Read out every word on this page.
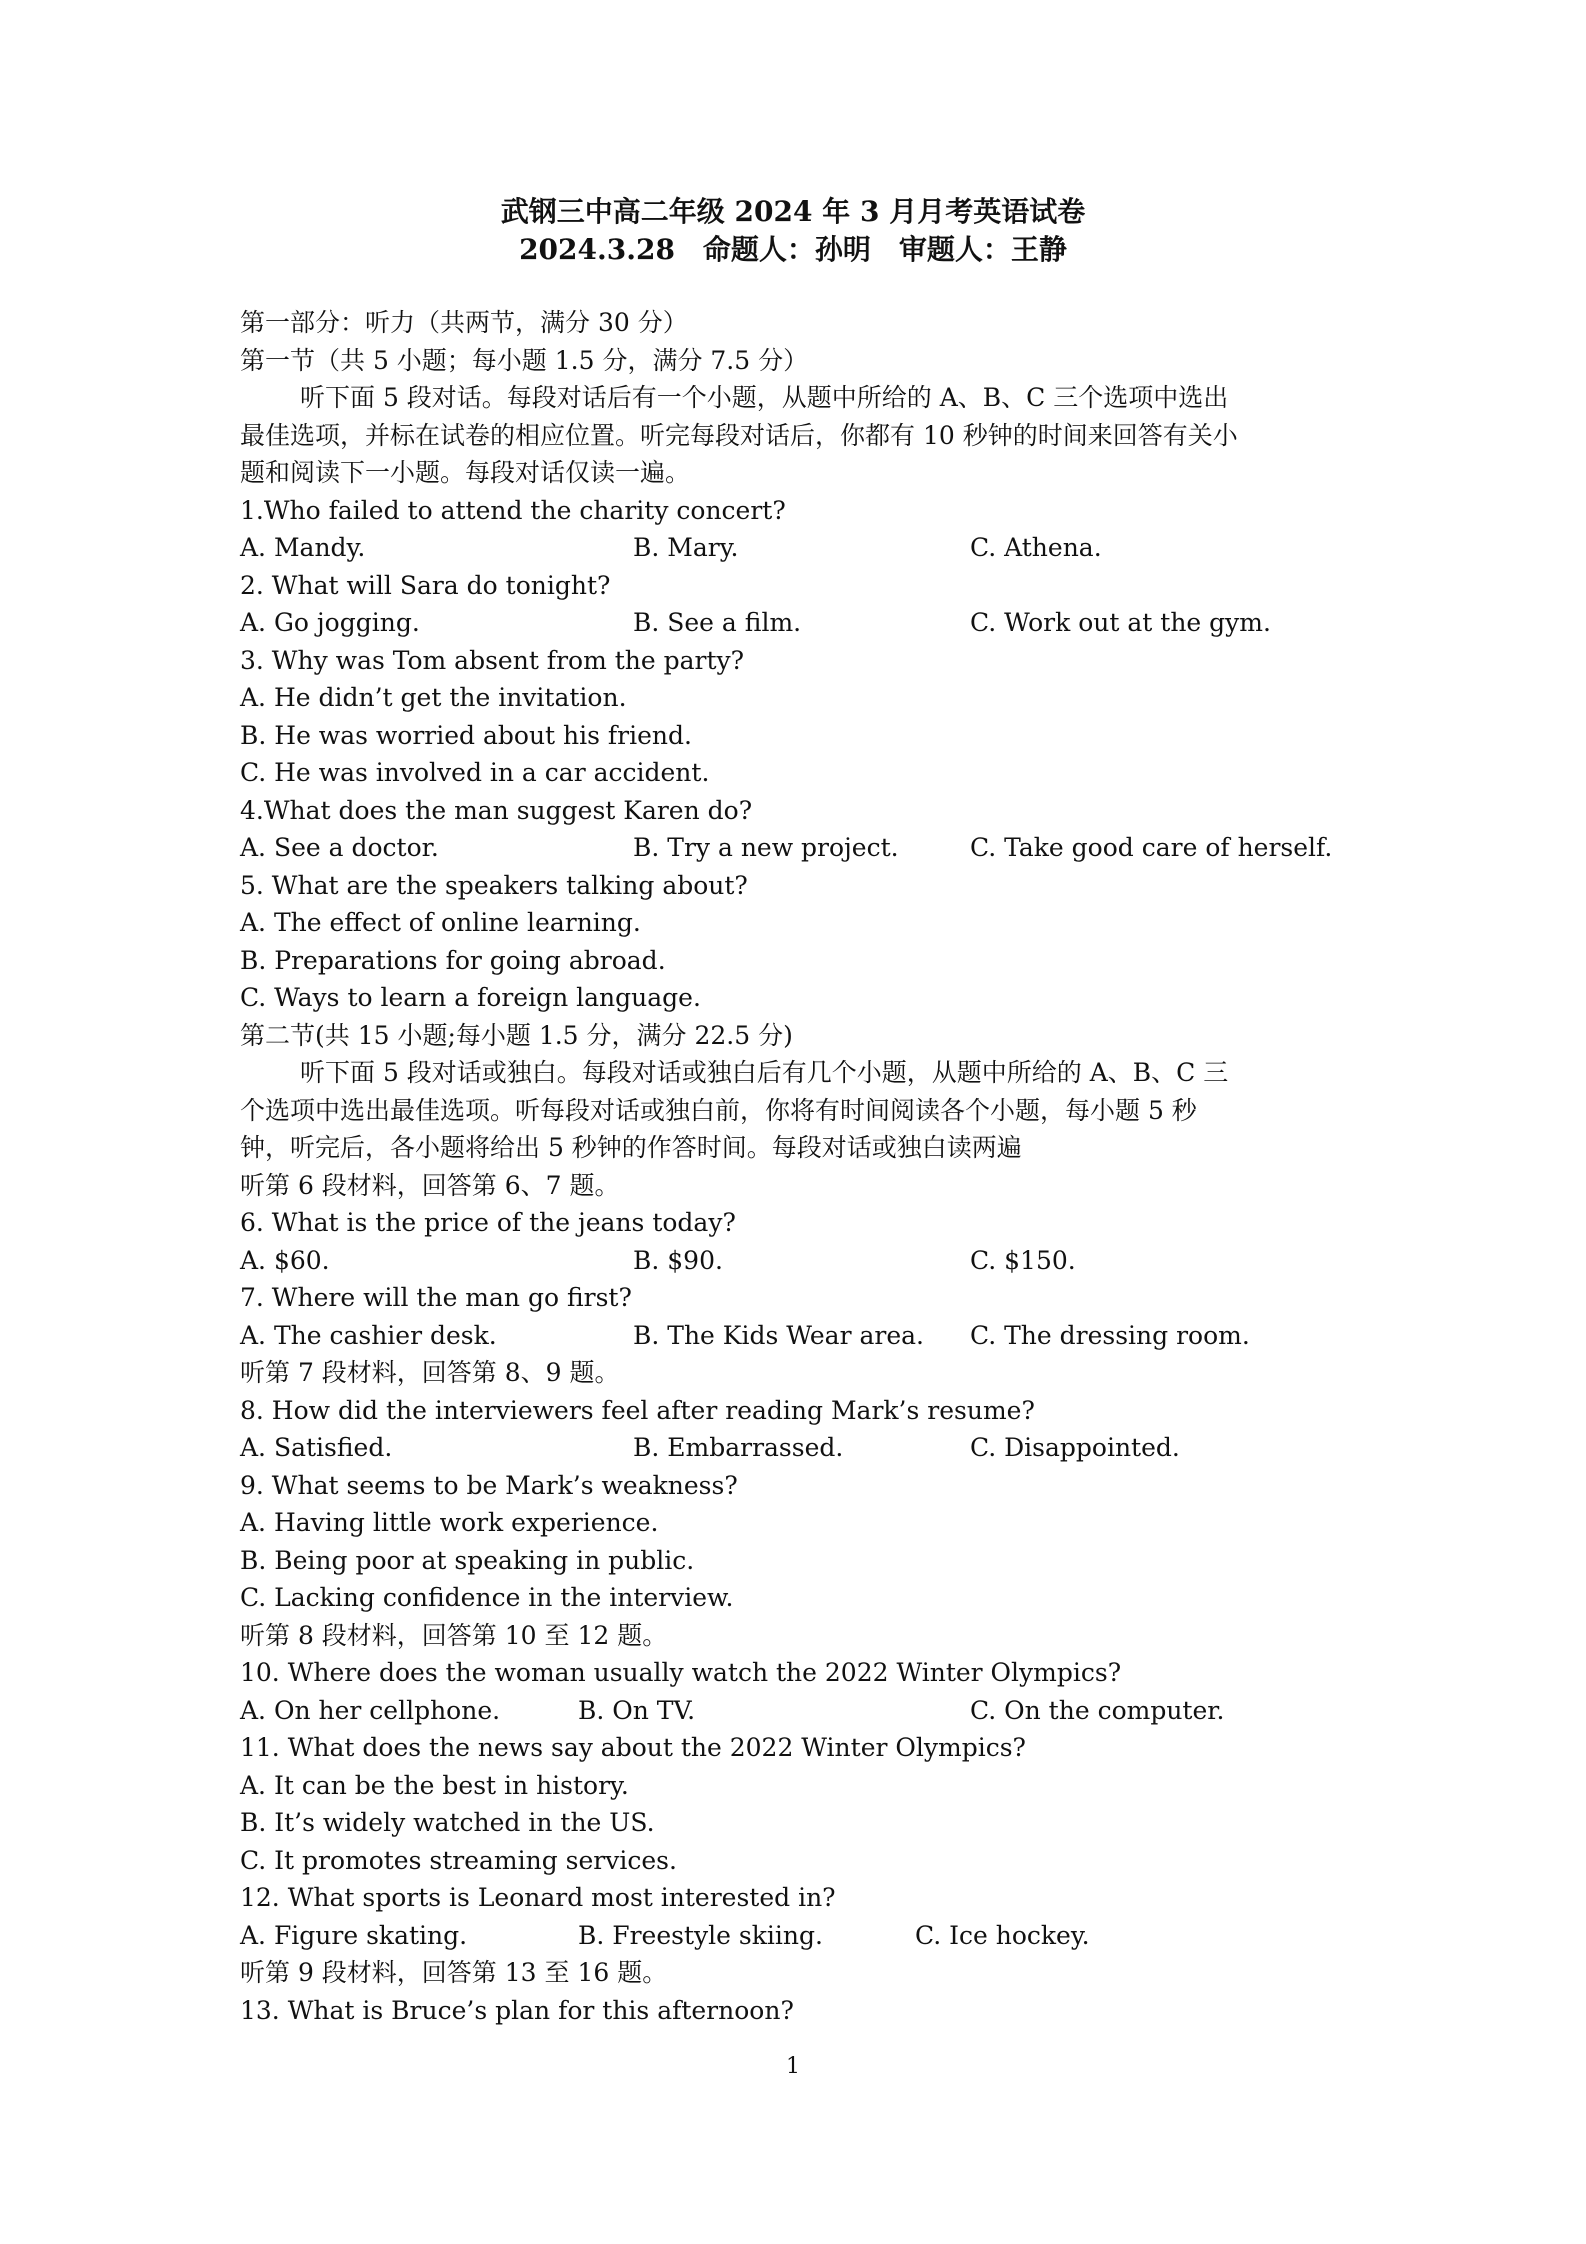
武钢三中高二年级 2024 年 3 月月考英语试卷
2024.3.28　命题人：孙明　审题人：王静
第一部分：听力（共两节，满分 30 分）
第一节（共 5 小题；每小题 1.5 分，满分 7.5 分）
听下面 5 段对话。每段对话后有一个小题，从题中所给的 A、B、C 三个选项中选出
最佳选项，并标在试卷的相应位置。听完每段对话后，你都有 10 秒钟的时间来回答有关小
题和阅读下一小题。每段对话仅读一遍。
1.Who failed to attend the charity concert?
A. Mandy.	B. Mary.	C. Athena.
2. What will Sara do tonight?
A. Go jogging.	B. See a film.	C. Work out at the gym.
3. Why was Tom absent from the party?
A. He didn’t get the invitation.
B. He was worried about his friend.
C. He was involved in a car accident.
4.What does the man suggest Karen do?
A. See a doctor.	B. Try a new project.	C. Take good care of herself.
5. What are the speakers talking about?
A. The effect of online learning.
B. Preparations for going abroad.
C. Ways to learn a foreign language.
第二节(共 15 小题;每小题 1.5 分，满分 22.5 分)
听下面 5 段对话或独白。每段对话或独白后有几个小题，从题中所给的 A、B、C 三
个选项中选出最佳选项。听每段对话或独白前，你将有时间阅读各个小题，每小题 5 秒
钟，听完后，各小题将给出 5 秒钟的作答时间。每段对话或独白读两遍
听第 6 段材料，回答第 6、7 题。
6. What is the price of the jeans today?
A. $60.	B. $90.	C. $150.
7. Where will the man go first?
A. The cashier desk.	B. The Kids Wear area. C. The dressing room.
听第 7 段材料，回答第 8、9 题。
8. How did the interviewers feel after reading Mark’s resume?
A. Satisfied.	B. Embarrassed.	C. Disappointed.
9. What seems to be Mark’s weakness?
A. Having little work experience.
B. Being poor at speaking in public.
C. Lacking confidence in the interview.
听第 8 段材料，回答第 10 至 12 题。
10. Where does the woman usually watch the 2022 Winter Olympics?
A. On her cellphone.	B. On TV.	C. On the computer.
11. What does the news say about the 2022 Winter Olympics?
A. It can be the best in history.
B. It’s widely watched in the US.
C. It promotes streaming services.
12. What sports is Leonard most interested in?
A. Figure skating.	B. Freestyle skiing.	C. Ice hockey.
听第 9 段材料，回答第 13 至 16 题。
13. What is Bruce’s plan for this afternoon?
1
